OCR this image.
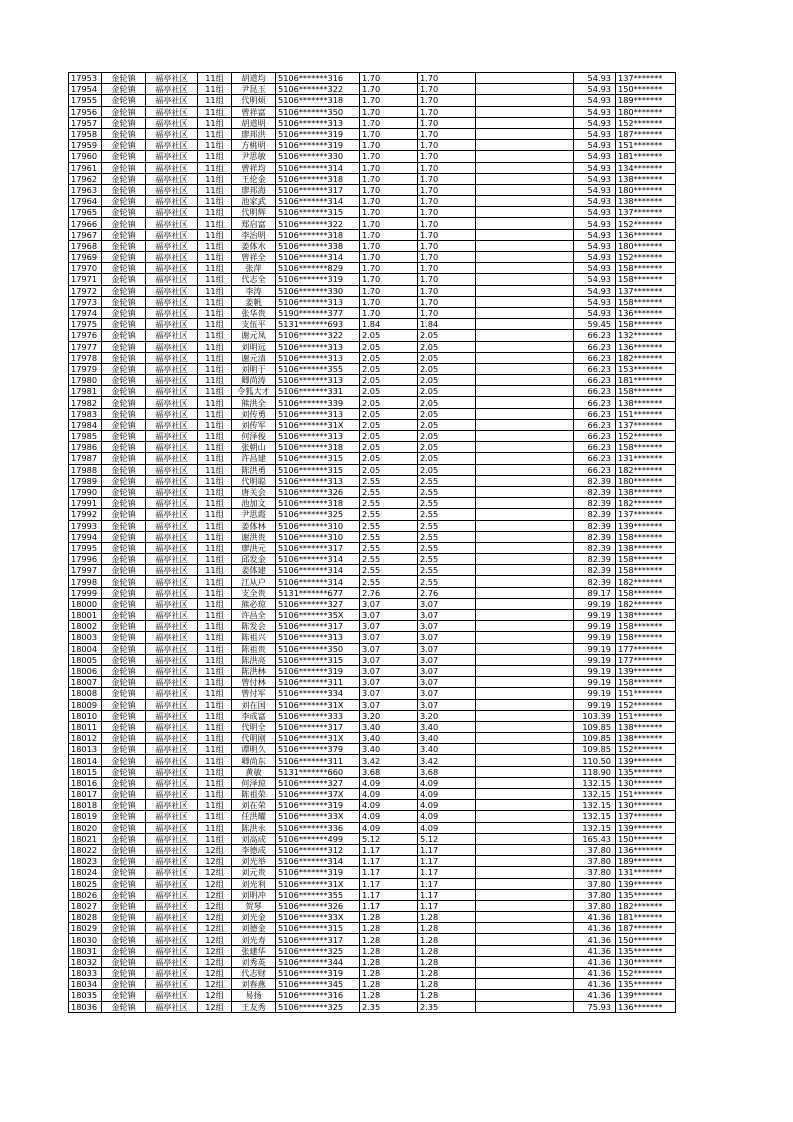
17953	金轮镇	福亭社区	11组	胡道均	5106*******316	1.70	1.70		54.93	137*******
17954	金轮镇	福亭社区	11组	尹昆玉	5106*******322	1.70	1.70		54.93	150*******
17955	金轮镇	福亭社区	11组	代明烦	5106*******318	1.70	1.70		54.93	189*******
17956	金轮镇	福亭社区	11组	曾祥富	5106*******350	1.70	1.70		54.93	180*******
17957	金轮镇	福亭社区	11组	胡道明	5106*******313	1.70	1.70		54.93	152*******
17958	金轮镇	福亭社区	11组	廖邦洪	5106*******319	1.70	1.70		54.93	187*******
17959	金轮镇	福亭社区	11组	方桃明	5106*******319	1.70	1.70		54.93	151*******
17960	金轮镇	福亭社区	11组	尹思敏	5106*******330	1.70	1.70		54.93	181*******
17961	金轮镇	福亭社区	11组	曾祥均	5106*******314	1.70	1.70		54.93	134*******
17962	金轮镇	福亭社区	11组	王伦金	5106*******318	1.70	1.70		54.93	138*******
17963	金轮镇	福亭社区	11组	廖邦海	5106*******317	1.70	1.70		54.93	180*******
17964	金轮镇	福亭社区	11组	池家武	5106*******314	1.70	1.70		54.93	138*******
17965	金轮镇	福亭社区	11组	代明辉	5106*******315	1.70	1.70		54.93	137*******
17966	金轮镇	福亭社区	11组	郑启富	5106*******322	1.70	1.70		54.93	152*******
17967	金轮镇	福亭社区	11组	李治明	5106*******318	1.70	1.70		54.93	136*******
17968	金轮镇	福亭社区	11组	姜体水	5106*******338	1.70	1.70		54.93	180*******
17969	金轮镇	福亭社区	11组	曾祥全	5106*******314	1.70	1.70		54.93	152*******
17970	金轮镇	福亭社区	11组	张萍	5106*******829	1.70	1.70		54.93	158*******
17971	金轮镇	福亭社区	11组	代志全	5106*******319	1.70	1.70		54.93	158*******
17972	金轮镇	福亭社区	11组	李涛	5106*******330	1.70	1.70		54.93	137*******
17973	金轮镇	福亭社区	11组	姜帆	5106*******313	1.70	1.70		54.93	158*******
17974	金轮镇	福亭社区	11组	张华贵	5190*******377	1.70	1.70		54.93	136*******
17975	金轮镇	福亭社区	11组	支伍平	5131*******693	1.84	1.84		59.45	158*******
17976	金轮镇	福亭社区	11组	谢元凤	5106*******322	2.05	2.05		66.23	132*******
17977	金轮镇	福亭社区	11组	刘明远	5106*******313	2.05	2.05		66.23	136*******
17978	金轮镇	福亭社区	11组	谢元清	5106*******313	2.05	2.05		66.23	182*******
17979	金轮镇	福亭社区	11组	刘明于	5106*******355	2.05	2.05		66.23	153*******
17980	金轮镇	福亭社区	11组	卿尚涛	5106*******313	2.05	2.05		66.23	181*******
17981	金轮镇	福亭社区	11组	令狐大才	5106*******331	2.05	2.05		66.23	158*******
17982	金轮镇	福亭社区	11组	熊洪全	5106*******339	2.05	2.05		66.23	138*******
17983	金轮镇	福亭社区	11组	刘传勇	5106*******313	2.05	2.05		66.23	151*******
17984	金轮镇	福亭社区	11组	刘传军	5106*******31X	2.05	2.05		66.23	137*******
17985	金轮镇	福亭社区	11组	何泽俊	5106*******313	2.05	2.05		66.23	152*******
17986	金轮镇	福亭社区	11组	张朝山	5106*******318	2.05	2.05		66.23	158*******
17987	金轮镇	福亭社区	11组	许昌建	5106*******315	2.05	2.05		66.23	131*******
17988	金轮镇	福亭社区	11组	陈洪勇	5106*******315	2.05	2.05		66.23	182*******
17989	金轮镇	福亭社区	11组	代明聪	5106*******313	2.55	2.55		82.39	180*******
17990	金轮镇	福亭社区	11组	唐关会	5106*******326	2.55	2.55		82.39	138*******
17991	金轮镇	福亭社区	11组	池加文	5106*******318	2.55	2.55		82.39	182*******
17992	金轮镇	福亭社区	11组	尹思霞	5106*******325	2.55	2.55		82.39	137*******
17993	金轮镇	福亭社区	11组	姜体林	5106*******310	2.55	2.55		82.39	139*******
17994	金轮镇	福亭社区	11组	谢洪贵	5106*******310	2.55	2.55		82.39	158*******
17995	金轮镇	福亭社区	11组	廖洪元	5106*******317	2.55	2.55		82.39	138*******
17996	金轮镇	福亭社区	11组	邱发金	5106*******314	2.55	2.55		82.39	158*******
17997	金轮镇	福亭社区	11组	姜体建	5106*******314	2.55	2.55		82.39	158*******
17998	金轮镇	福亭社区	11组	江从户	5106*******314	2.55	2.55		82.39	182*******
17999	金轮镇	福亭社区	11组	支全贵	5131*******677	2.76	2.76		89.17	158*******
18000	金轮镇	福亭社区	11组	熊必琼	5106*******327	3.07	3.07		99.19	182*******
18001	金轮镇	福亭社区	11组	许昌全	5106*******35X	3.07	3.07		99.19	138*******
18002	金轮镇	福亭社区	11组	陈发会	5106*******317	3.07	3.07		99.19	158*******
18003	金轮镇	福亭社区	11组	陈祖兴	5106*******313	3.07	3.07		99.19	158*******
18004	金轮镇	福亭社区	11组	陈祖贵	5106*******350	3.07	3.07		99.19	177*******
18005	金轮镇	福亭社区	11组	陈洪亮	5106*******315	3.07	3.07		99.19	177*******
18006	金轮镇	福亭社区	11组	陈洪林	5106*******319	3.07	3.07		99.19	139*******
18007	金轮镇	福亭社区	11组	曾付林	5106*******311	3.07	3.07		99.19	158*******
18008	金轮镇	福亭社区	11组	曾付军	5106*******334	3.07	3.07		99.19	151*******
18009	金轮镇	福亭社区	11组	刘在国	5106*******31X	3.07	3.07		99.19	152*******
18010	金轮镇	福亭社区	11组	李成富	5106*******333	3.20	3.20		103.39	151*******
18011	金轮镇	福亭社区	11组	代明全	5106*******317	3.40	3.40		109.85	138*******
18012	金轮镇	福亭社区	11组	代明刚	5106*******31X	3.40	3.40		109.85	138*******
18013	金轮镇	福亭社区	11组	谭明久	5106*******379	3.40	3.40		109.85	152*******
18014	金轮镇	福亭社区	11组	卿尚东	5106*******311	3.42	3.42		110.50	139*******
18015	金轮镇	福亭社区	11组	黄敏	5131*******660	3.68	3.68		118.90	135*******
18016	金轮镇	福亭社区	11组	何泽琼	5106*******327	4.09	4.09		132.15	130*******
18017	金轮镇	福亭社区	11组	陈祖荣	5106*******37X	4.09	4.09		132.15	151*******
18018	金轮镇	福亭社区	11组	刘在荣	5106*******319	4.09	4.09		132.15	130*******
18019	金轮镇	福亭社区	11组	任洪耀	5106*******33X	4.09	4.09		132.15	137*******
18020	金轮镇	福亭社区	11组	陈洪永	5106*******336	4.09	4.09		132.15	139*******
18021	金轮镇	福亭社区	11组	刘高成	5106*******499	5.12	5.12		165.43	150*******
18022	金轮镇	福亭社区	12组	李德成	5106*******312	1.17	1.17		37.80	136*******
18023	金轮镇	福亭社区	12组	刘光举	5106*******314	1.17	1.17		37.80	189*******
18024	金轮镇	福亭社区	12组	刘元贵	5106*******319	1.17	1.17		37.80	131*******
18025	金轮镇	福亭社区	12组	刘光利	5106*******31X	1.17	1.17		37.80	139*******
18026	金轮镇	福亭社区	12组	刘明冲	5106*******355	1.17	1.17		37.80	135*******
18027	金轮镇	福亭社区	12组	贺琴	5106*******326	1.17	1.17		37.80	182*******
18028	金轮镇	福亭社区	12组	刘光金	5106*******33X	1.28	1.28		41.36	181*******
18029	金轮镇	福亭社区	12组	刘德金	5106*******315	1.28	1.28		41.36	187*******
18030	金轮镇	福亭社区	12组	刘光寿	5106*******317	1.28	1.28		41.36	150*******
18031	金轮镇	福亭社区	12组	张建华	5106*******325	1.28	1.28		41.36	135*******
18032	金轮镇	福亭社区	12组	刘秀英	5106*******344	1.28	1.28		41.36	130*******
18033	金轮镇	福亭社区	12组	代志财	5106*******319	1.28	1.28		41.36	152*******
18034	金轮镇	福亭社区	12组	刘春燕	5106*******345	1.28	1.28		41.36	135*******
18035	金轮镇	福亭社区	12组	易扬	5106*******316	1.28	1.28		41.36	139*******
18036	金轮镇	福亭社区	12组	王友秀	5106*******325	2.35	2.35		75.93	136*******
